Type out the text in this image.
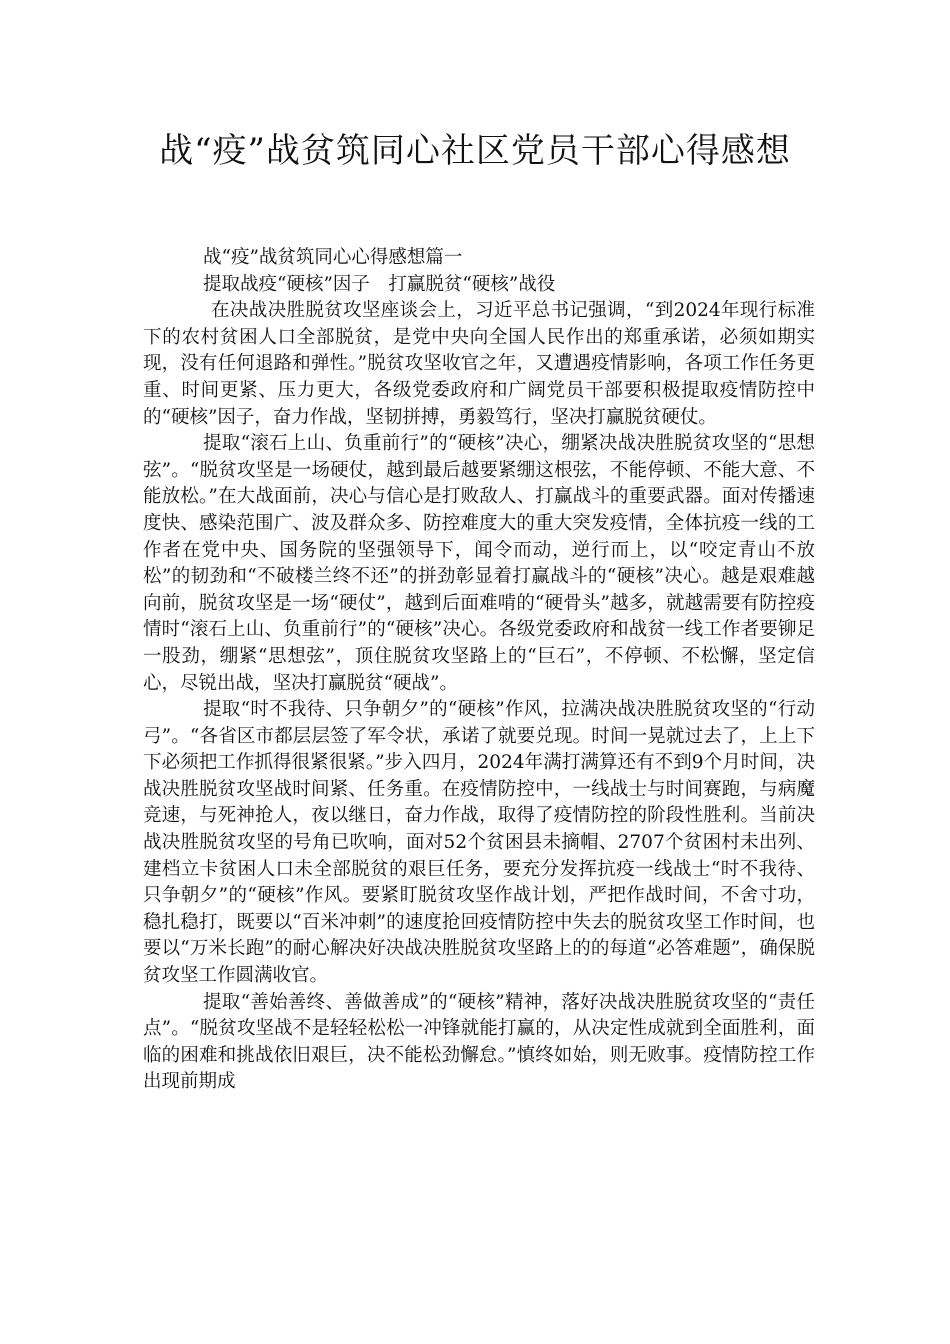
战“疫”战贫筑同心社区党员干部心得感想

战“疫”战贫筑同心心得感想篇一

提取战疫“硬核”因子　打赢脱贫“硬核”战役

在决战决胜脱贫攻坚座谈会上，习近平总书记强调，“到2024年现行标准下的农村贫困人口全部脱贫，是党中央向全国人民作出的郑重承诺，必须如期实现，没有任何退路和弹性。”脱贫攻坚收官之年，又遭遇疫情影响，各项工作任务更重、时间更紧、压力更大，各级党委政府和广阔党员干部要积极提取疫情防控中的“硬核”因子，奋力作战，坚韧拼搏，勇毅笃行，坚决打赢脱贫硬仗。

提取“滚石上山、负重前行”的“硬核”决心，绷紧决战决胜脱贫攻坚的“思想弦”。“脱贫攻坚是一场硬仗，越到最后越要紧绷这根弦，不能停顿、不能大意、不能放松。”在大战面前，决心与信心是打败敌人、打赢战斗的重要武器。面对传播速度快、感染范围广、波及群众多、防控难度大的重大突发疫情，全体抗疫一线的工作者在党中央、国务院的坚强领导下，闻令而动，逆行而上，以“咬定青山不放松”的韧劲和“不破楼兰终不还”的拼劲彰显着打赢战斗的“硬核”决心。越是艰难越向前，脱贫攻坚是一场“硬仗”，越到后面难啃的“硬骨头”越多，就越需要有防控疫情时“滚石上山、负重前行”的“硬核”决心。各级党委政府和战贫一线工作者要铆足一股劲，绷紧“思想弦”，顶住脱贫攻坚路上的“巨石”，不停顿、不松懈，坚定信心，尽锐出战，坚决打赢脱贫“硬战”。

提取“时不我待、只争朝夕”的“硬核”作风，拉满决战决胜脱贫攻坚的“行动弓”。“各省区市都层层签了军令状，承诺了就要兑现。时间一晃就过去了，上上下下必须把工作抓得很紧很紧。”步入四月，2024年满打满算还有不到9个月时间，决战决胜脱贫攻坚战时间紧、任务重。在疫情防控中，一线战士与时间赛跑，与病魔竞速，与死神抢人，夜以继日，奋力作战，取得了疫情防控的阶段性胜利。当前决战决胜脱贫攻坚的号角已吹响，面对52个贫困县未摘帽、2707个贫困村未出列、建档立卡贫困人口未全部脱贫的艰巨任务，要充分发挥抗疫一线战士“时不我待、只争朝夕”的“硬核”作风。要紧盯脱贫攻坚作战计划，严把作战时间，不舍寸功，稳扎稳打，既要以“百米冲刺”的速度抢回疫情防控中失去的脱贫攻坚工作时间，也要以“万米长跑”的耐心解决好决战决胜脱贫攻坚路上的的每道“必答难题”，确保脱贫攻坚工作圆满收官。

提取“善始善终、善做善成”的“硬核”精神，落好决战决胜脱贫攻坚的“责任点”。“脱贫攻坚战不是轻轻松松一冲锋就能打赢的，从决定性成就到全面胜利，面临的困难和挑战依旧艰巨，决不能松劲懈怠。”慎终如始，则无败事。疫情防控工作出现前期成
